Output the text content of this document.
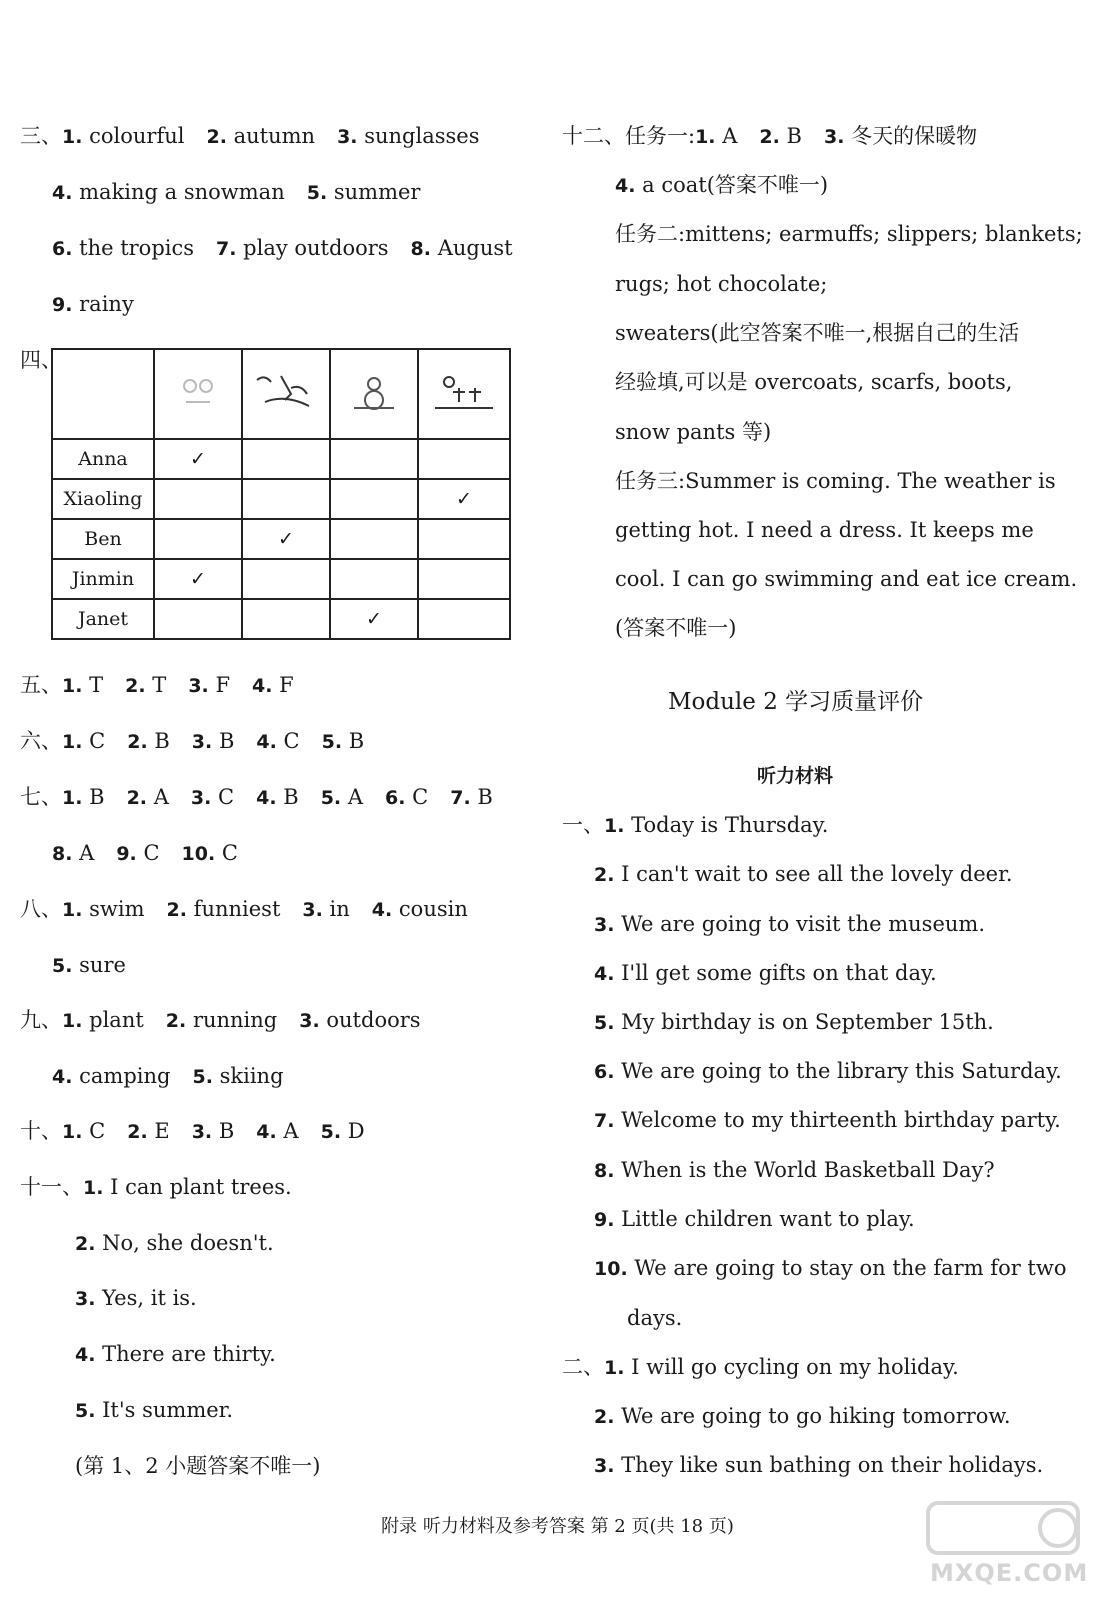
三、1. colourful 2. autumn 3. sunglasses
4. making a snowman 5. summer
6. the tropics 7. play outdoors 8. August
9. rainy
四、

Anna	✓			
Xiaoling				✓
Ben		✓		
Jinmin	✓			
Janet			✓	
五、1. T 2. T 3. F 4. F
六、1. C 2. B 3. B 4. C 5. B
七、1. B 2. A 3. C 4. B 5. A 6. C 7. B
8. A 9. C 10. C
八、1. swim 2. funniest 3. in 4. cousin
5. sure
九、1. plant 2. running 3. outdoors
4. camping 5. skiing
十、1. C 2. E 3. B 4. A 5. D
十一、1. I can plant trees.
2. No, she doesn't.
3. Yes, it is.
4. There are thirty.
5. It's summer.
(第 1、2 小题答案不唯一)
十二、任务一:1. A 2. B 3. 冬天的保暖物
4. a coat(答案不唯一)
任务二:mittens; earmuffs; slippers; blankets;
rugs; hot chocolate;
sweaters(此空答案不唯一,根据自己的生活
经验填,可以是 overcoats, scarfs, boots,
snow pants 等)
任务三:Summer is coming. The weather is
getting hot. I need a dress. It keeps me
cool. I can go swimming and eat ice cream.
(答案不唯一)
Module 2 学习质量评价
听力材料
一、1. Today is Thursday.
2. I can't wait to see all the lovely deer.
3. We are going to visit the museum.
4. I'll get some gifts on that day.
5. My birthday is on September 15th.
6. We are going to the library this Saturday.
7. Welcome to my thirteenth birthday party.
8. When is the World Basketball Day?
9. Little children want to play.
10. We are going to stay on the farm for two
days.
二、1. I will go cycling on my holiday.
2. We are going to go hiking tomorrow.
3. They like sun bathing on their holidays.
附录 听力材料及参考答案 第 2 页(共 18 页)
MXQE.COM
